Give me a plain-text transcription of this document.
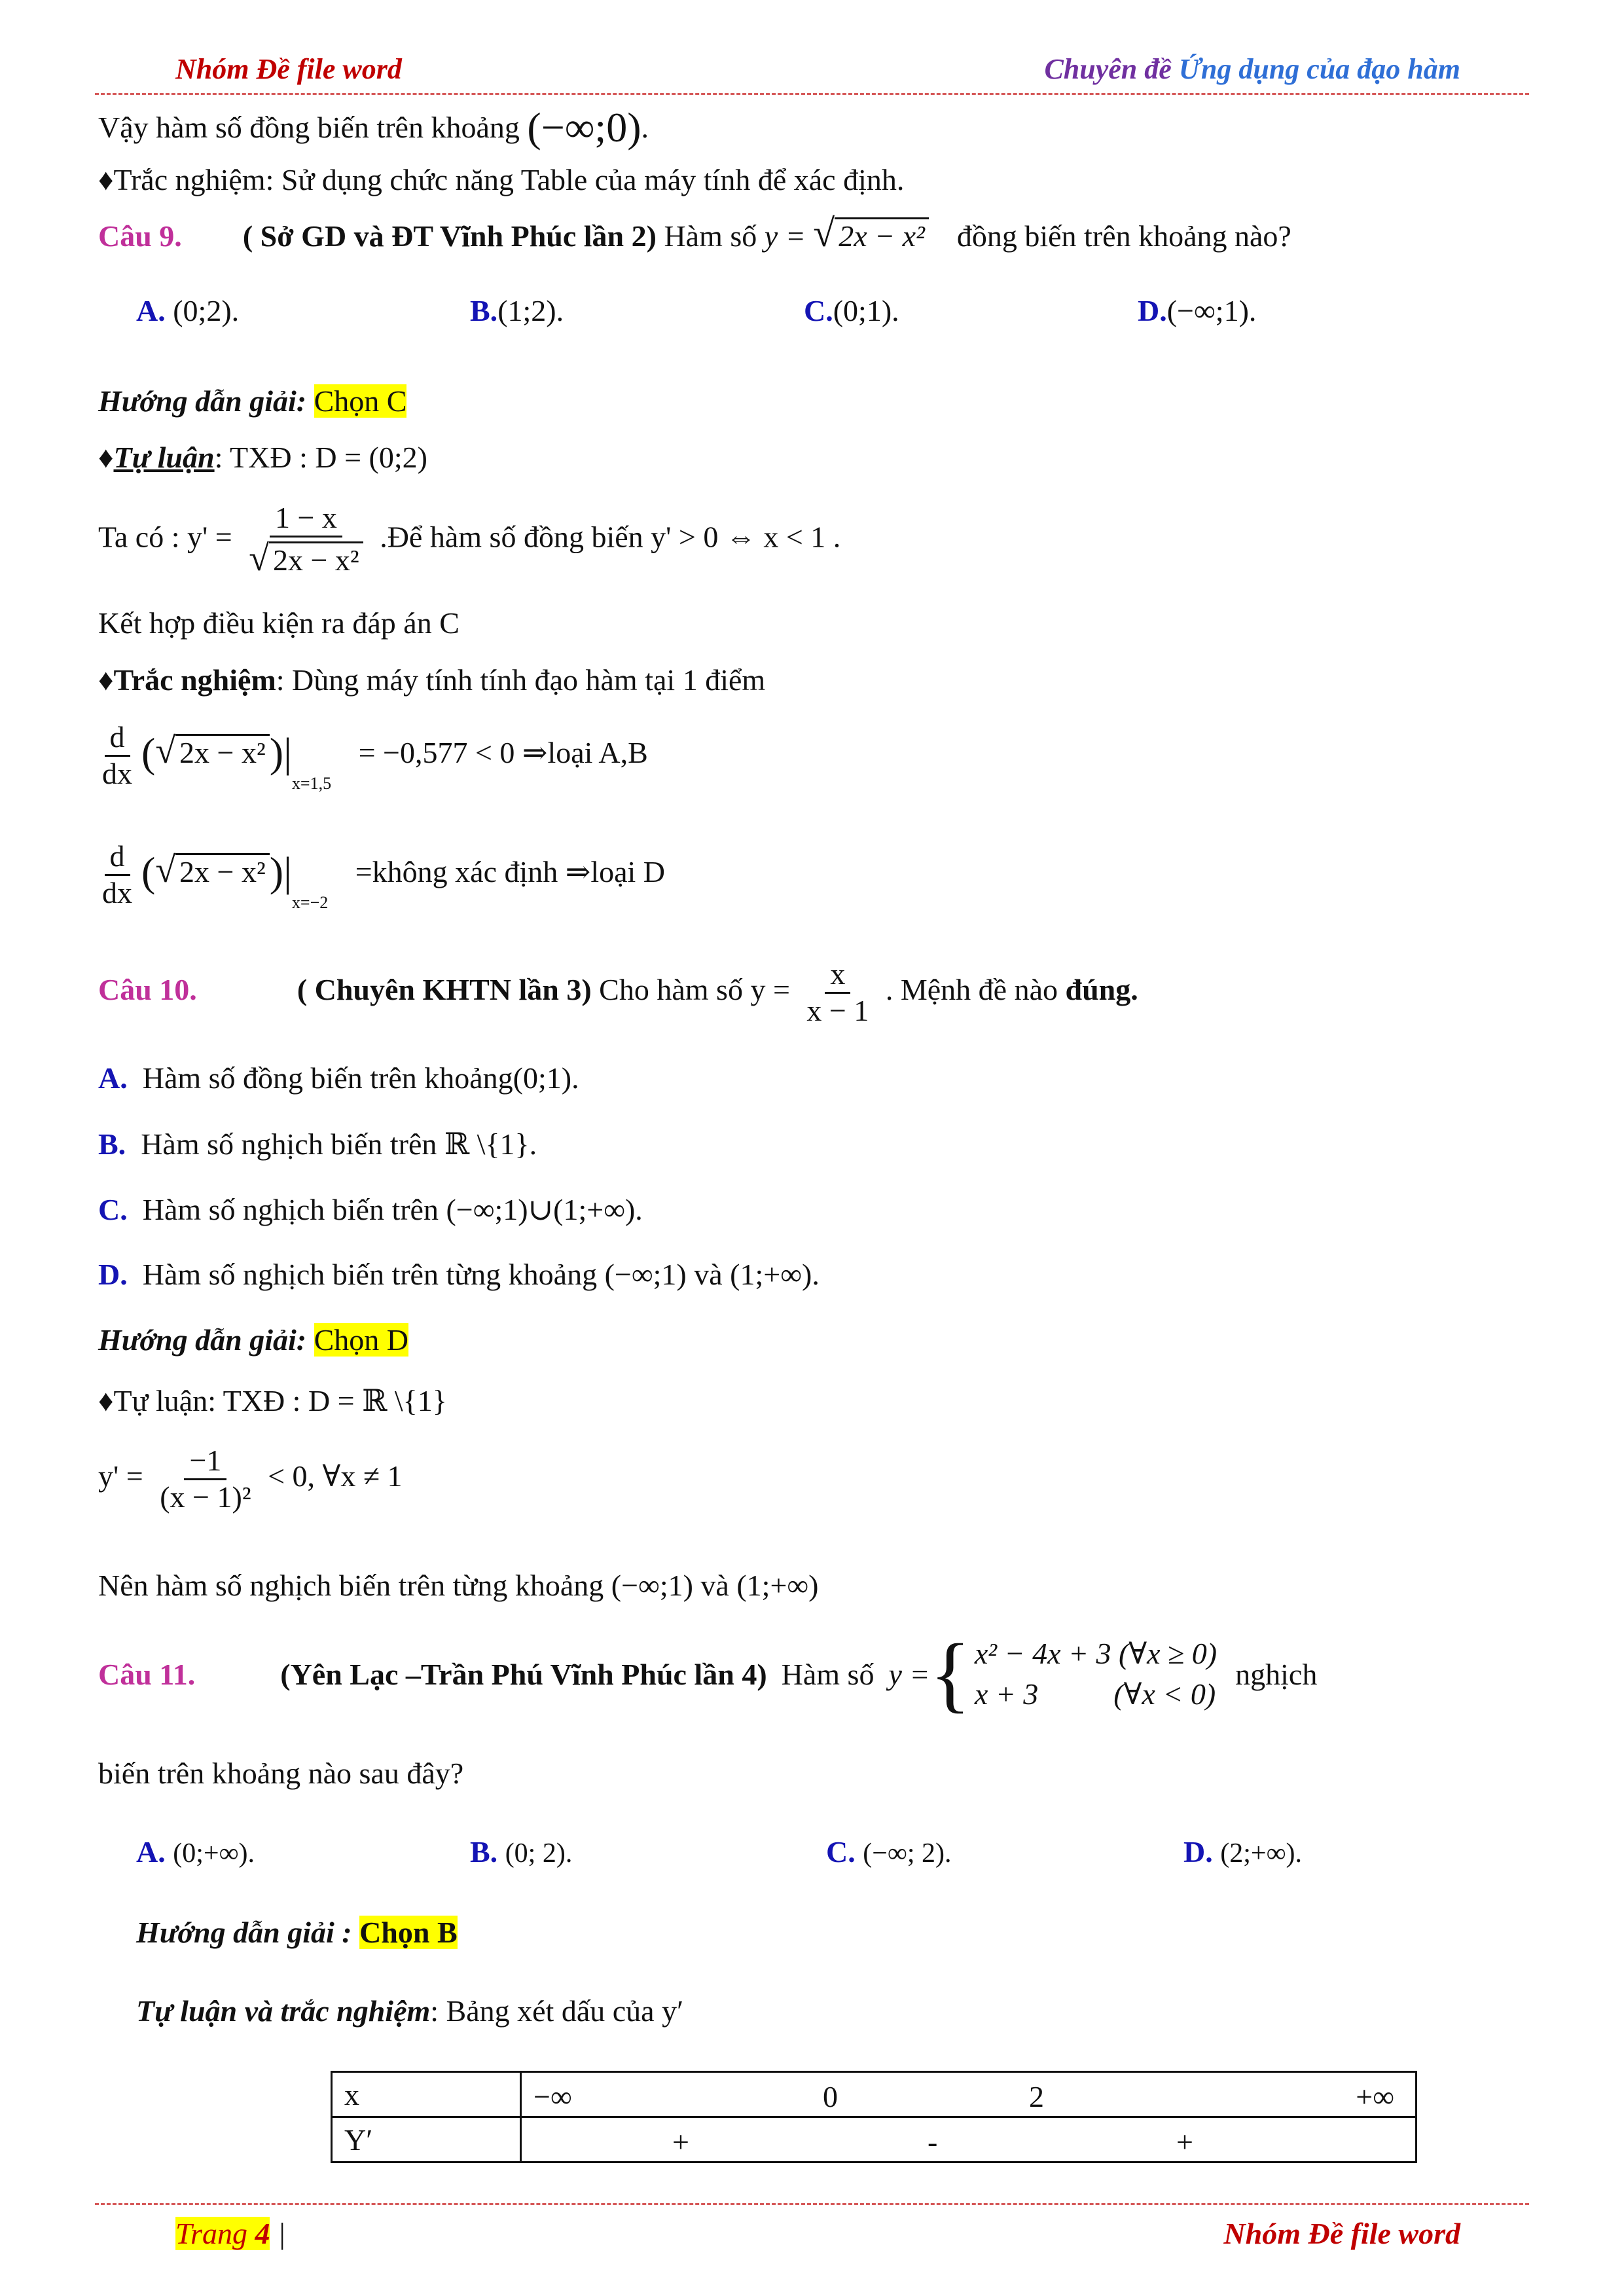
Nhóm Đề file word	Chuyên đề Ứng dụng của đạo hàm
Vậy hàm số đồng biến trên khoảng (−∞;0).
♦Trắc nghiệm: Sử dụng chức năng Table của máy tính để xác định.
Câu 9. ( Sở GD và ĐT Vĩnh Phúc lần 2) Hàm số y = √ 2x − x² đồng biến trên khoảng nào?
A. (0;2).	B.(1;2).	C.(0;1).	D.(−∞;1).
Hướng dẫn giải: Chọn C
♦Tự luận: TXĐ : D = (0;2)
Ta có : $y' = \frac{1 - x}{\text{√ 2x − x²}}$ .Để hàm số đồng biến y' > 0 ⇔ x < 1 .
Kết hợp điều kiện ra đáp án C
♦Trắc nghiệm: Dùng máy tính tính đạo hàm tại 1 điểm
$\frac{d}{dx}$ (√ $2x - x^2)|_{x=1,5} = -0,577 < 0$ ⇒loại A,B
$\frac{d}{dx}$ (√ $2x - x^2)|_{x=-2}$ =không xác định ⇒loại D
Câu 10.	( Chuyên KHTN lần 3) Cho hàm số $y = \frac{x}{x - 1}$ . Mệnh đề nào đúng.
A. Hàm số đồng biến trên khoảng(0;1).
B. Hàm số nghịch biến trên ℝ \{1}.
C. Hàm số nghịch biến trên (−∞;1)∪(1;+∞).
D. Hàm số nghịch biến trên từng khoảng (−∞;1) và (1;+∞).
Hướng dẫn giải: Chọn D
♦Tự luận: TXĐ : D = ℝ \{1}
$y' = \frac{-1}{\text{(x − 1)²}} < 0$, ∀x ≠ 1
Nên hàm số nghịch biến trên từng khoảng (−∞;1) và (1;+∞)
Câu 11.	(Yên Lạc –Trần Phú Vĩnh Phúc lần 4) Hàm số y = { x² − 4x + 3 (∀x ≥ 0)
x + 3          (∀x < 0)
nghịch
biến trên khoảng nào sau đây?
A. (0;+∞).	B. (0; 2).	C. (−∞; 2).	D. (2;+∞).
Hướng dẫn giải : Chọn B
Tự luận và trắc nghiệm: Bảng xét dấu của y′
x	−∞ 0 2 +∞

Y′	+ - +
Trang 4 |	Nhóm Đề file word
